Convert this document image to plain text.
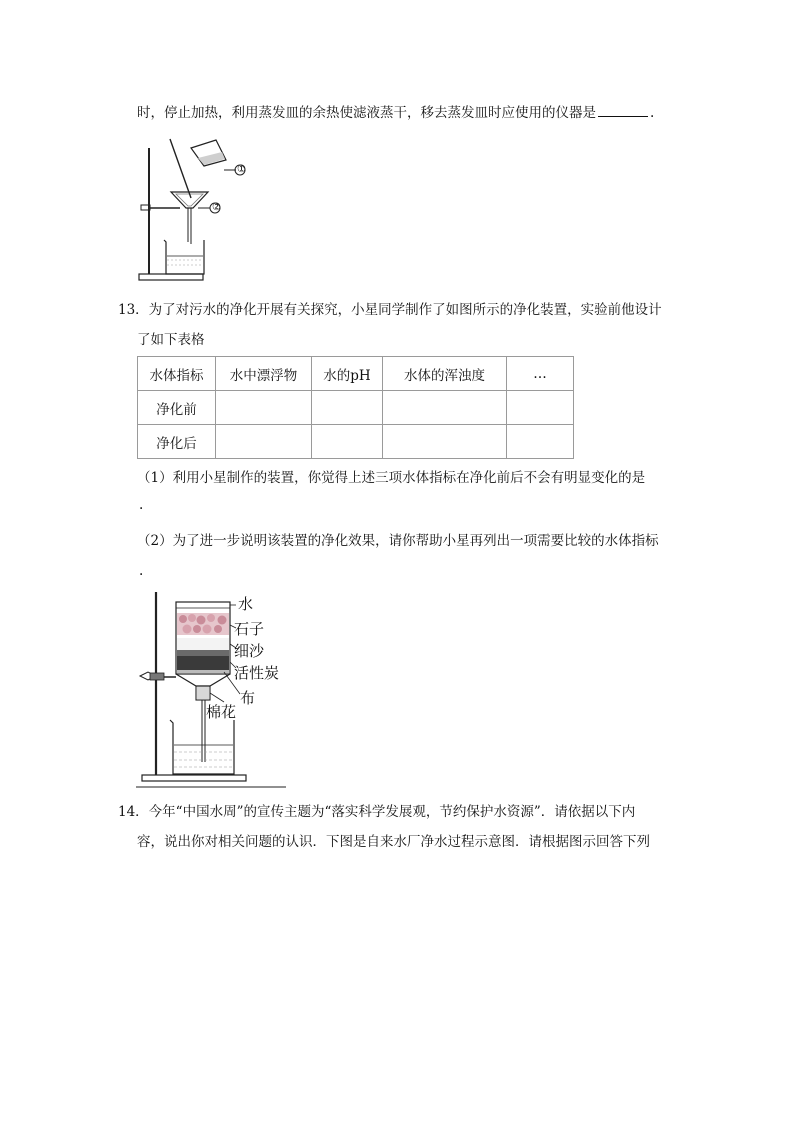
时，停止加热，利用蒸发皿的余热使滤液蒸干，移去蒸发皿时应使用的仪器是	.
①
②
13．为了对污水的净化开展有关探究，小星同学制作了如图所示的净化装置，实验前他设计
了如下表格
水体指标	水中漂浮物	水的pH	水体的浑浊度	…
净化前				
净化后				
（1）利用小星制作的装置，你觉得上述三项水体指标在净化前后不会有明显变化的是
.
（2）为了进一步说明该装置的净化效果，请你帮助小星再列出一项需要比较的水体指标
.
水
石子
细沙
活性炭
布
棉花
14．今年“中国水周”的宣传主题为“落实科学发展观，节约保护水资源”．请依据以下内
容，说出你对相关问题的认识．下图是自来水厂净水过程示意图．请根据图示回答下列
